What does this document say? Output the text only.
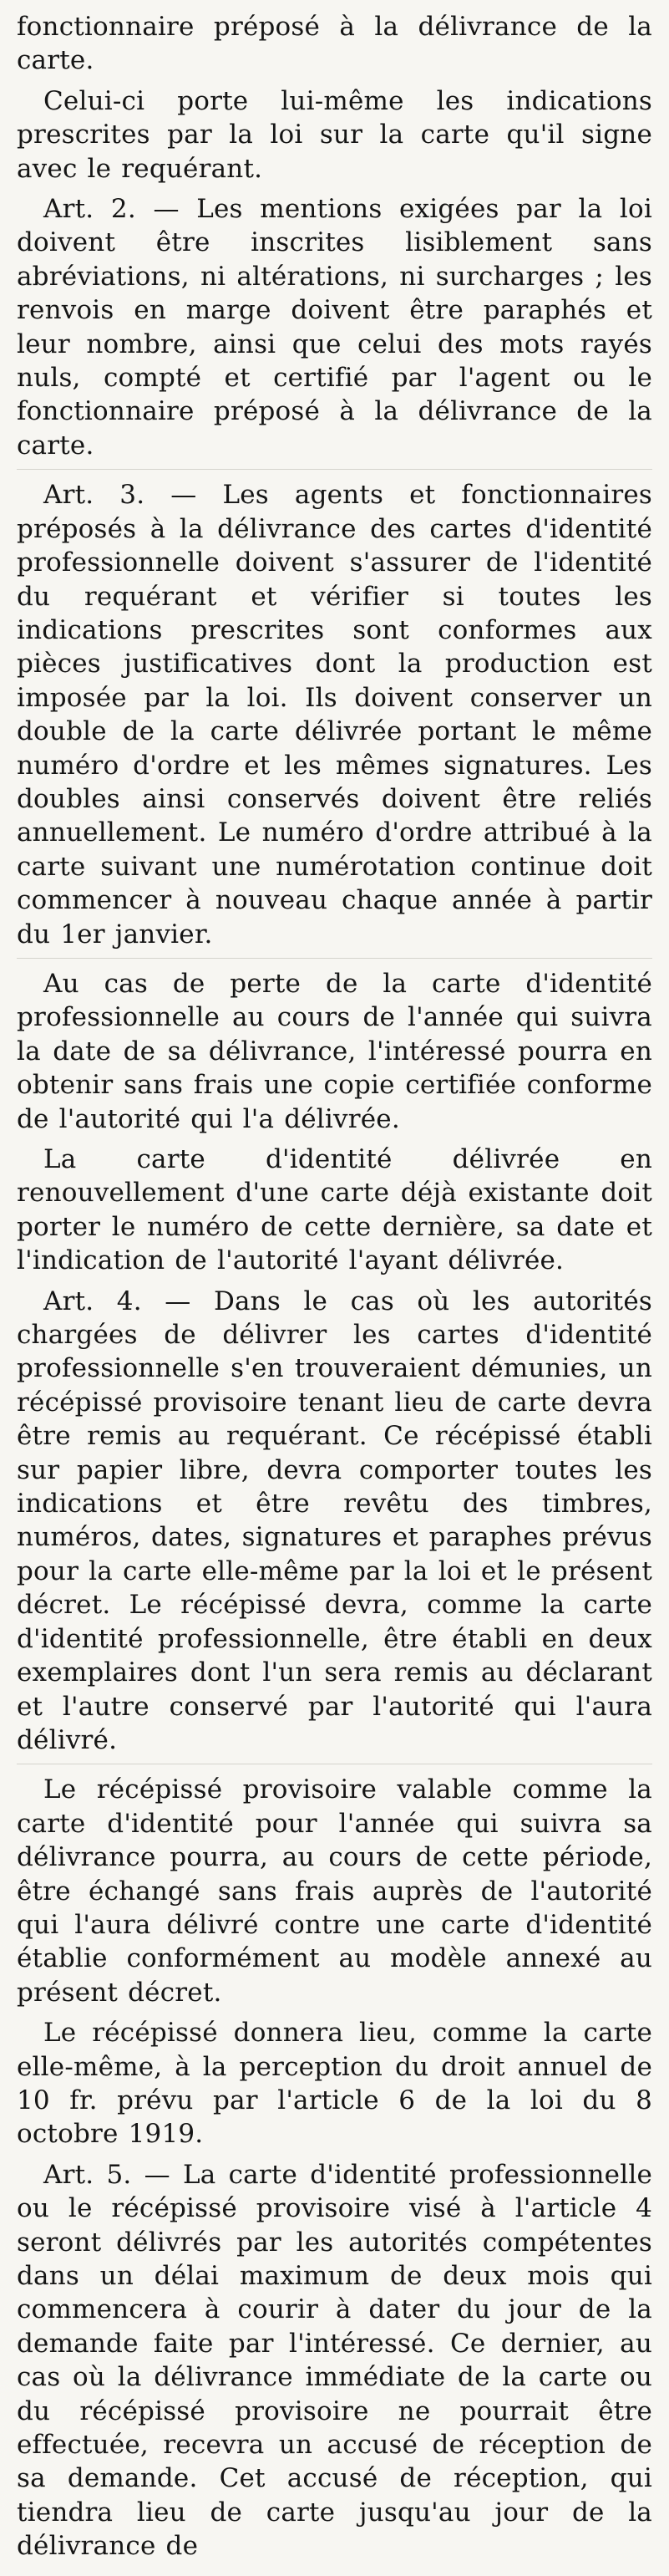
fonctionnaire préposé à la délivrance de la carte.

Celui-ci porte lui-même les indications prescrites par la loi sur la carte qu'il signe avec le requérant.

Art. 2. — Les mentions exigées par la loi doivent être inscrites lisiblement sans abréviations, ni altérations, ni surcharges ; les renvois en marge doivent être paraphés et leur nombre, ainsi que celui des mots rayés nuls, compté et certifié par l'agent ou le fonctionnaire préposé à la délivrance de la carte.

Art. 3. — Les agents et fonctionnaires préposés à la délivrance des cartes d'identité professionnelle doivent s'assurer de l'identité du requérant et vérifier si toutes les indications prescrites sont conformes aux pièces justificatives dont la production est imposée par la loi. Ils doivent conserver un double de la carte délivrée portant le même numéro d'ordre et les mêmes signatures. Les doubles ainsi conservés doivent être reliés annuellement. Le numéro d'ordre attribué à la carte suivant une numérotation continue doit commencer à nouveau chaque année à partir du 1er janvier.

Au cas de perte de la carte d'identité professionnelle au cours de l'année qui suivra la date de sa délivrance, l'intéressé pourra en obtenir sans frais une copie certifiée conforme de l'autorité qui l'a délivrée.

La carte d'identité délivrée en renouvellement d'une carte déjà existante doit porter le numéro de cette dernière, sa date et l'indication de l'autorité l'ayant délivrée.

Art. 4. — Dans le cas où les autorités chargées de délivrer les cartes d'identité professionnelle s'en trouveraient démunies, un récépissé provisoire tenant lieu de carte devra être remis au requérant. Ce récépissé établi sur papier libre, devra comporter toutes les indications et être revêtu des timbres, numéros, dates, signatures et paraphes prévus pour la carte elle-même par la loi et le présent décret. Le récépissé devra, comme la carte d'identité professionnelle, être établi en deux exemplaires dont l'un sera remis au déclarant et l'autre conservé par l'autorité qui l'aura délivré.

Le récépissé provisoire valable comme la carte d'identité pour l'année qui suivra sa délivrance pourra, au cours de cette période, être échangé sans frais auprès de l'autorité qui l'aura délivré contre une carte d'identité établie conformément au modèle annexé au présent décret.

Le récépissé donnera lieu, comme la carte elle-même, à la perception du droit annuel de 10 fr. prévu par l'article 6 de la loi du 8 octobre 1919.

Art. 5. — La carte d'identité professionnelle ou le récépissé provisoire visé à l'article 4 seront délivrés par les autorités compétentes dans un délai maximum de deux mois qui commencera à courir à dater du jour de la demande faite par l'intéressé. Ce dernier, au cas où la délivrance immédiate de la carte ou du récépissé provisoire ne pourrait être effectuée, recevra un accusé de réception de sa demande. Cet accusé de réception, qui tiendra lieu de carte jusqu'au jour de la délivrance de
